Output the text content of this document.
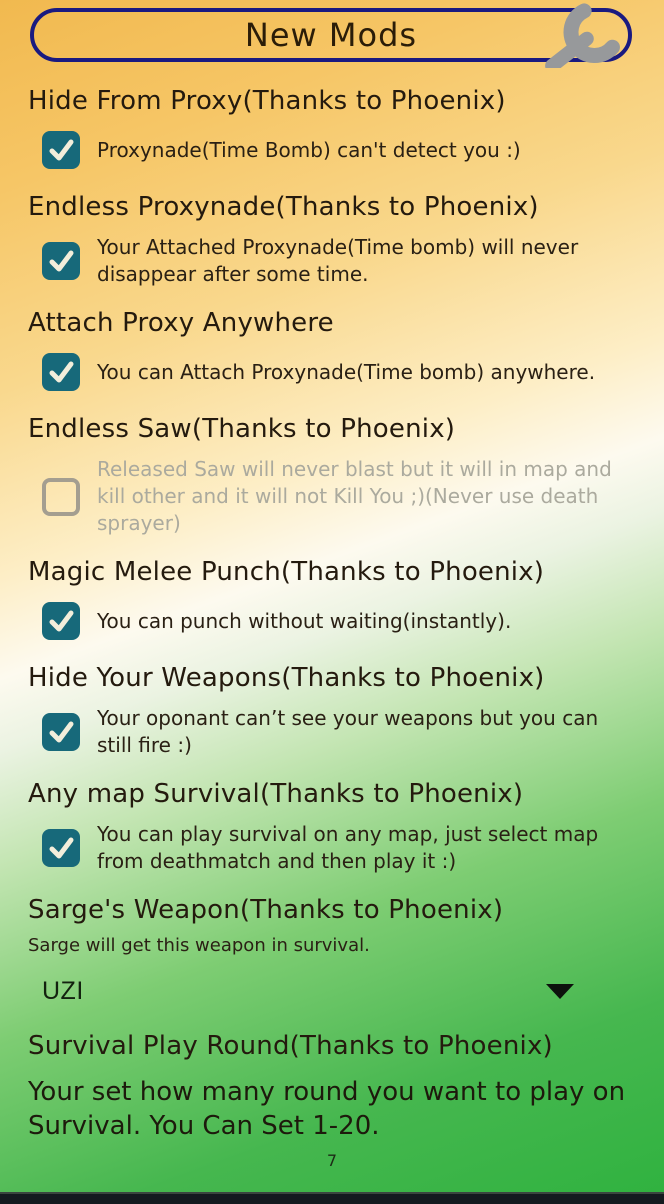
New Mods
Hide From Proxy(Thanks to Phoenix)
Proxynade(Time Bomb) can't detect you :)
Endless Proxynade(Thanks to Phoenix)
Your Attached Proxynade(Time bomb) will never disappear after some time.
Attach Proxy Anywhere
You can Attach Proxynade(Time bomb) anywhere.
Endless Saw(Thanks to Phoenix)
Released Saw will never blast but it will in map and kill other and it will not Kill You ;)(Never use death sprayer)
Magic Melee Punch(Thanks to Phoenix)
You can punch without waiting(instantly).
Hide Your Weapons(Thanks to Phoenix)
Your oponant can’t see your weapons but you can still fire :)
Any map Survival(Thanks to Phoenix)
You can play survival on any map, just select map from deathmatch and then play it :)
Sarge's Weapon(Thanks to Phoenix)
Sarge will get this weapon in survival.
UZI
Survival Play Round(Thanks to Phoenix)
Your set how many round you want to play on Survival. You Can Set 1-20.
7
